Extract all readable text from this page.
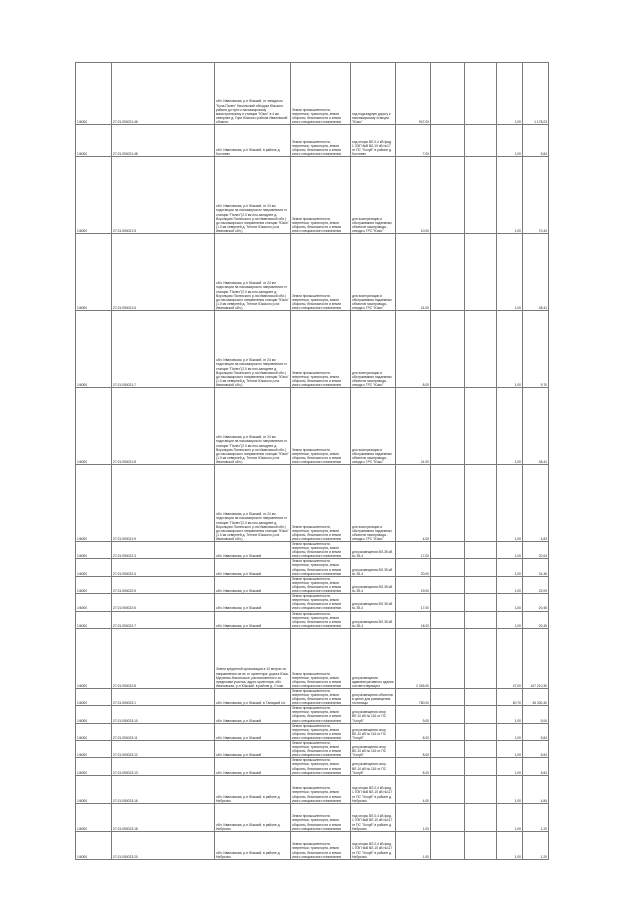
1/6000	27:21:050021:46	обл. Ивановская, р-н Южский, от западного "Куча-Палех" Никольский обходом Южского района до пути к пассажирскому магистральному и станции "Юзко" в 4 км севернее д. Гори Южского района Ивановской области	Земли промышленности, энергетики, транспорта, земли обороны, безопасности и земли иного специального назначения	под подъездную дорогу к пассажирскому станции "Юзко"	947.00			1,00	1 178,03
1/6000	27:21:050021:48	обл. Ивановская, р-н Южский, в районе д. Костяево	Земли промышленности, энергетики, транспорта, земли обороны, безопасности и земли иного специального назначения	под опоры ВЛ-0,4 кВ фид. 1 ЛЭП 6кВ ВЛ-10 кВ №17 от ПС "Холуй" в районе д. Костяево	7.00			1,00	5,84
1/6000	27:21:050021:5	обл. Ивановская, р-н Южский, от 24 км подстанции на пассажирского направления от станции "Палех"(2.0 км юго-западнее д. Воронцово Палехского р-на Ивановской обл.) до пассажирского направления станции "Юзко" (1.0 км северней д. Теплое Южского р-на Ивановской обл.)	Земли промышленности, энергетики, транспорта, земли обороны, безопасности и земли иного специального назначения	для эксплуатации и обслуживания надземных объектов газопровода - отвода к ГРС "Юзко"	10.00			1,00	70,44
1/6000	27:21:050021:6	обл. Ивановская, р-н Южский, от 24 км подстанции на пассажирского направления от станции "Палех"(2.0 км юго-западнее д. Воронцово Палехского р-на Ивановской обл.) до пассажирского направления станции "Юзко" (1.0 км северней д. Теплое Южского р-на Ивановской обл.)	Земли промышленности, энергетики, транспорта, земли обороны, безопасности и земли иного специального назначения	для эксплуатации и обслуживания надземных объектов газопровода - отвода к ГРС "Юзко"	41.00			1,00	48,41
1/6000	27:21:050021:7	обл. Ивановская, р-н Южский, от 24 км подстанции на пассажирского направления от станции "Палех"(2.0 км юго-западнее д. Воронцово Палехского р-на Ивановской обл.) до пассажирского направления станции "Юзко" (1.0 км северней д. Теплое Южского р-на Ивановской обл.)	Земли промышленности, энергетики, транспорта, земли обороны, безопасности и земли иного специального назначения	для эксплуатации и обслуживания надземных объектов газопровода - отвода к ГРС "Юзко"	8.00			1,00	9,70
1/6000	27:21:050021:8	обл. Ивановская, р-н Южский, от 24 км подстанции на пассажирского направления от станции "Палех"(2.0 км юго-западнее д. Воронцово Палехского р-на Ивановской обл.) до пассажирского направления станции "Юзко" (1.0 км северней д. Теплое Южского р-на Ивановской обл.)	Земли промышленности, энергетики, транспорта, земли обороны, безопасности и земли иного специального назначения	для эксплуатации и обслуживания надземных объектов газопровода - отвода к ГРС "Юзко"	41.00			1,00	48,41
1/6000	27:21:050021:9	обл. Ивановская, р-н Южский, от 24 км подстанции на пассажирского направления от станции "Палех"(2.0 км юго-западнее д. Воронцово Палехского р-на Ивановской обл.) до пассажирского направления станции "Юзко" (1.0 км северней д. Теплое Южского р-на Ивановской обл.)	Земли промышленности, энергетики, транспорта, земли обороны, безопасности и земли иного специального назначения	для эксплуатации и обслуживания надземных объектов газопровода - отвода к ГРС "Юзко"	4.00			1,00	4,83
1/6000	27:21:050022:3	обл. Ивановская, р-н Южский	Земли промышленности, энергетики, транспорта, земли обороны, безопасности и земли иного специального назначения	для размещения ВЛ-35 кВ № 35-4	17.00			1,00	20,04
1/6000	27:21:050022:4	обл. Ивановская, р-н Южский	Земли промышленности, энергетики, транспорта, земли обороны, безопасности и земли иного специального назначения	для размещения ВЛ-35 кВ № 35-4	20.00			1,00	24,36
1/6000	27:21:050022:5	обл. Ивановская, р-н Южский	Земли промышленности, энергетики, транспорта, земли обороны, безопасности и земли иного специального назначения	для размещения ВЛ-35 кВ № 35-4	19.00			1,00	22,09
1/6000	27:21:050022:6	обл. Ивановская, р-н Южский	Земли промышленности, энергетики, транспорта, земли обороны, безопасности и земли иного специального назначения	для размещения ВЛ-35 кВ № 35-4	17.00			1,00	20,45
1/6000	27:21:050022:7	обл. Ивановская, р-н Южский	Земли промышленности, энергетики, транспорта, земли обороны, безопасности и земли иного специального назначения	для размещения ВЛ-35 кВ № 35-4	18.00			1,00	20,45
1/6000	27:21:050022:8	Земли кредитной организации в 10 метрах по направлению на юг от ориентира: дорога Южа-Мугреево-Никольское; расположенного за пределами участка, адрес ориентира: обл. Ивановская, р-н Южский, в районе д. Стоян	Земли промышленности, энергетики, транспорта, земли обороны, безопасности и земли иного специального назначения	для размещения административного здания соответствующего	2 345.00			47,00	107 210,30
1/6000	27:21:050023:1	обл. Ивановская, р-н Южский, в Талицкий с/с	Земли промышленности, энергетики, транспорта, земли обороны, безопасности и земли иного специального назначения	для размещения объектов в целях для размещения гостиницы	780.00			60,70	45 330,40
1/6000	27:21:050023:10	обл. Ивановская, р-н Южский	Земли промышленности, энергетики, транспорта, земли обороны, безопасности и земли иного специального назначения	для размещения опор ВЛ-10 кВ № 116 от ПС "Холуй"	9.00			1,00	5,04
1/6000	27:21:050023:11	обл. Ивановская, р-н Южский	Земли промышленности, энергетики, транспорта, земли обороны, безопасности и земли иного специального назначения	для размещения опор ВЛ-10 кВ № 116 от ПС "Холуй"	8.00			1,00	5,84
1/6000	27:21:050023:12	обл. Ивановская, р-н Южский	Земли промышленности, энергетики, транспорта, земли обороны, безопасности и земли иного специального назначения	для размещения опор ВЛ-10 кВ № 116 от ПС "Холуй"	8.00			1,00	5,84
1/6000	27:21:050023:13	обл. Ивановская, р-н Южский	Земли промышленности, энергетики, транспорта, земли обороны, безопасности и земли иного специального назначения	для размещения опор ВЛ-10 кВ № 116 от ПС "Холуй"	8.00			1,00	5,84
1/6000	27:21:050023:16	обл. Ивановская, р-н Южский, в районе д. Нибусово	Земли промышленности, энергетики, транспорта, земли обороны, безопасности и земли иного специального назначения	под опоры ВЛ-0,4 кВ фид. 1 ЛЭП 6кВ ВЛ-10 кВ №117 от ПС "Холуй" в районе д. Нибусово	4.00			1,00	4,84
1/6000	27:21:050023:18	обл. Ивановская, р-н Южский, в районе д. Нибусово	Земли промышленности, энергетики, транспорта, земли обороны, безопасности и земли иного специального назначения	под опоры ВЛ-0,4 кВ фид. 1 ЛЭП 6кВ ВЛ-10 кВ №117 от ПС "Холуй" в районе д. Нибусово	1.00			1,00	1,20
1/6000	27:21:050023:20	обл. Ивановская, р-н Южский, в районе д. Нибусово	Земли промышленности, энергетики, транспорта, земли обороны, безопасности и земли иного специального назначения	под опоры ВЛ-0,4 кВ фид. 1 ЛЭП 6кВ ВЛ-10 кВ №117 от ПС "Холуй" в районе д. Нибусово	1.00			1,00	1,20
